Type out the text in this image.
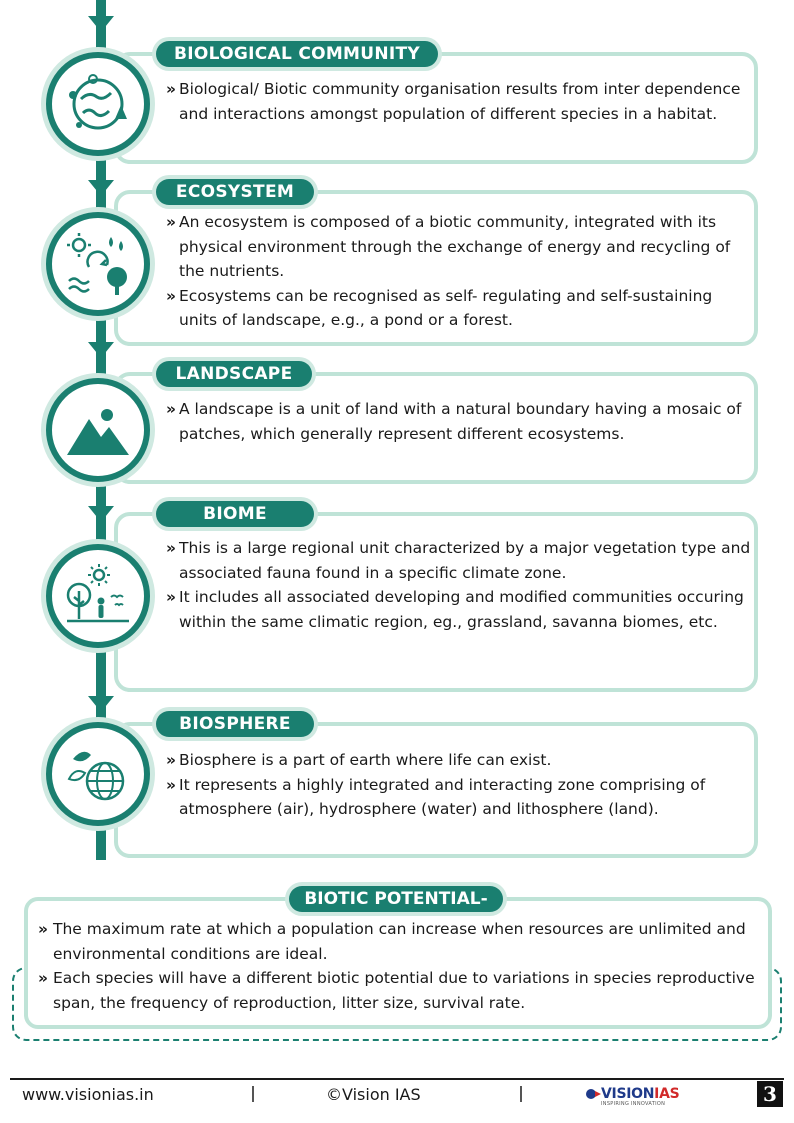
BIOLOGICAL COMMUNITY
» Biological/ Biotic community organisation results from inter dependence and interactions amongst population of different species in a habitat.
ECOSYSTEM
» An ecosystem is composed of a biotic community, integrated with its physical environment through the exchange of energy and recycling of the nutrients.
» Ecosystems can be recognised as self- regulating and self-sustaining units of landscape, e.g., a pond or a forest.
LANDSCAPE
» A landscape is a unit of land with a natural boundary having a mosaic of patches, which generally represent different ecosystems.
BIOME
» This is a large regional unit characterized by a major vegetation type and associated fauna found in a specific climate zone.
» It includes all associated developing and modified communities occuring within the same climatic region, eg., grassland, savanna biomes, etc.
BIOSPHERE
» Biosphere is a part of earth where life can exist.
» It represents a highly integrated and interacting zone comprising of atmosphere (air), hydrosphere (water) and lithosphere (land).
BIOTIC POTENTIAL-
» The maximum rate at which a population can increase when resources are unlimited and environmental conditions are ideal.
» Each species will have a different biotic potential due to variations in species reproductive span, the frequency of reproduction, litter size, survival rate.
www.visionias.in	©Vision IAS	VISIONIAS
INSPIRING INNOVATION	3
